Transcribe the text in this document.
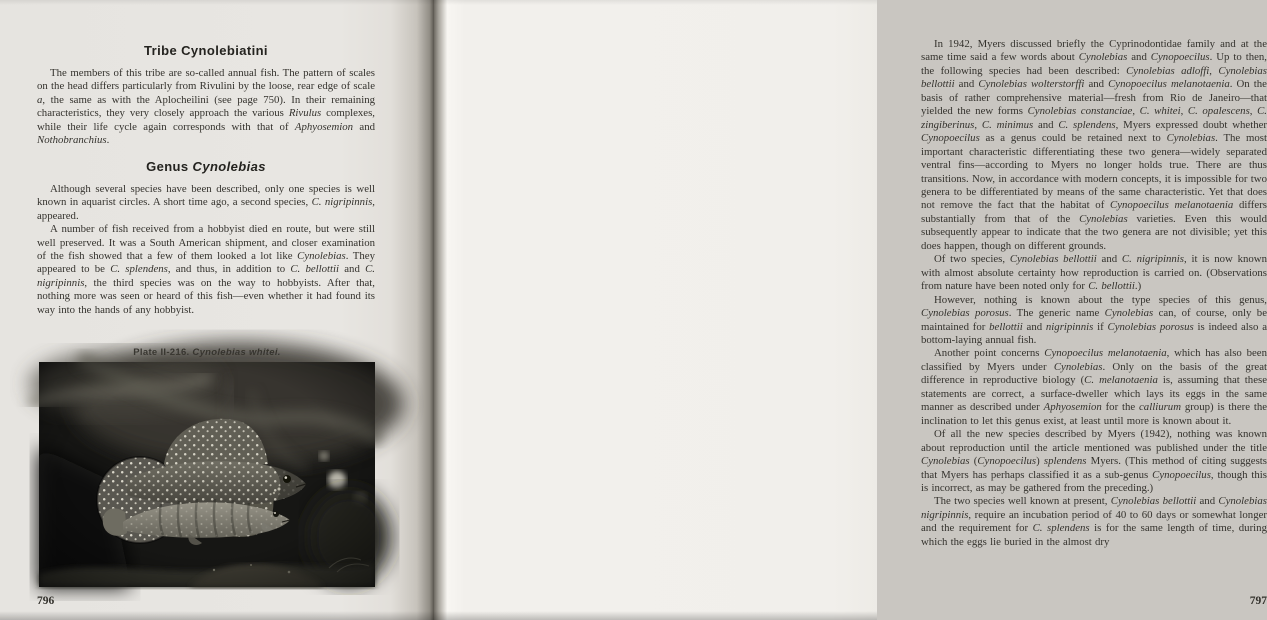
Tribe Cynolebiatini

The members of this tribe are so-called annual fish. The pattern of scales on the head differs particularly from Rivulini by the loose, rear edge of scale a, the same as with the Aplocheilini (see page 750). In their remaining characteristics, they very closely approach the various Rivulus complexes, while their life cycle again corresponds with that of Aphyosemion and Nothobranchius.

Genus Cynolebias

Although several species have been described, only one species is well known in aquarist circles. A short time ago, a second species, C. nigripinnis, appeared.

A number of fish received from a hobbyist died en route, but were still well preserved. It was a South American shipment, and closer examination of the fish showed that a few of them looked a lot like Cynolebias. They appeared to be C. splendens, and thus, in addition to C. bellottii and C. nigripinnis, the third species was on the way to hobbyists. After that, nothing more was seen or heard of this fish—even whether it had found its way into the hands of any hobbyist.

796

In 1942, Myers discussed briefly the Cyprinodontidae family and at the same time said a few words about Cynolebias and Cynopoecilus. Up to then, the following species had been described: Cynolebias adloffi, Cynolebias bellottii and Cynolebias wolterstorffi and Cynopoecilus melanotaenia. On the basis of rather comprehensive material—fresh from Rio de Janeiro—that yielded the new forms Cynolebias constanciae, C. whitei, C. opalescens, C. zingiberinus, C. minimus and C. splendens, Myers expressed doubt whether Cynopoecilus as a genus could be retained next to Cynolebias. The most important characteristic differentiating these two genera—widely separated ventral fins—according to Myers no longer holds true. There are thus transitions. Now, in accordance with modern concepts, it is impossible for two genera to be differentiated by means of the same characteristic. Yet that does not remove the fact that the habitat of Cynopoecilus melanotaenia differs substantially from that of the Cynolebias varieties. Even this would subsequently appear to indicate that the two genera are not divisible; yet this does happen, though on different grounds.

Of two species, Cynolebias bellottii and C. nigripinnis, it is now known with almost absolute certainty how reproduction is carried on. (Observations from nature have been noted only for C. bellottii.)

However, nothing is known about the type species of this genus, Cynolebias porosus. The generic name Cynolebias can, of course, only be maintained for bellottii and nigripinnis if Cynolebias porosus is indeed also a bottom-laying annual fish.

Another point concerns Cynopoecilus melanotaenia, which has also been classified by Myers under Cynolebias. Only on the basis of the great difference in reproductive biology (C. melanotaenia is, assuming that these statements are correct, a surface-dweller which lays its eggs in the same manner as described under Aphyosemion for the calliurum group) is there the inclination to let this genus exist, at least until more is known about it.

Of all the new species described by Myers (1942), nothing was known about reproduction until the article mentioned was published under the title Cynolebias (Cynopoecilus) splendens Myers. (This method of citing suggests that Myers has perhaps classified it as a sub-genus Cynopoecilus, though this is incorrect, as may be gathered from the preceding.)

The two species well known at present, Cynolebias bellottii and Cynolebias nigripinnis, require an incubation period of 40 to 60 days or somewhat longer and the requirement for C. splendens is for the same length of time, during which the eggs lie buried in the almost dry

797
